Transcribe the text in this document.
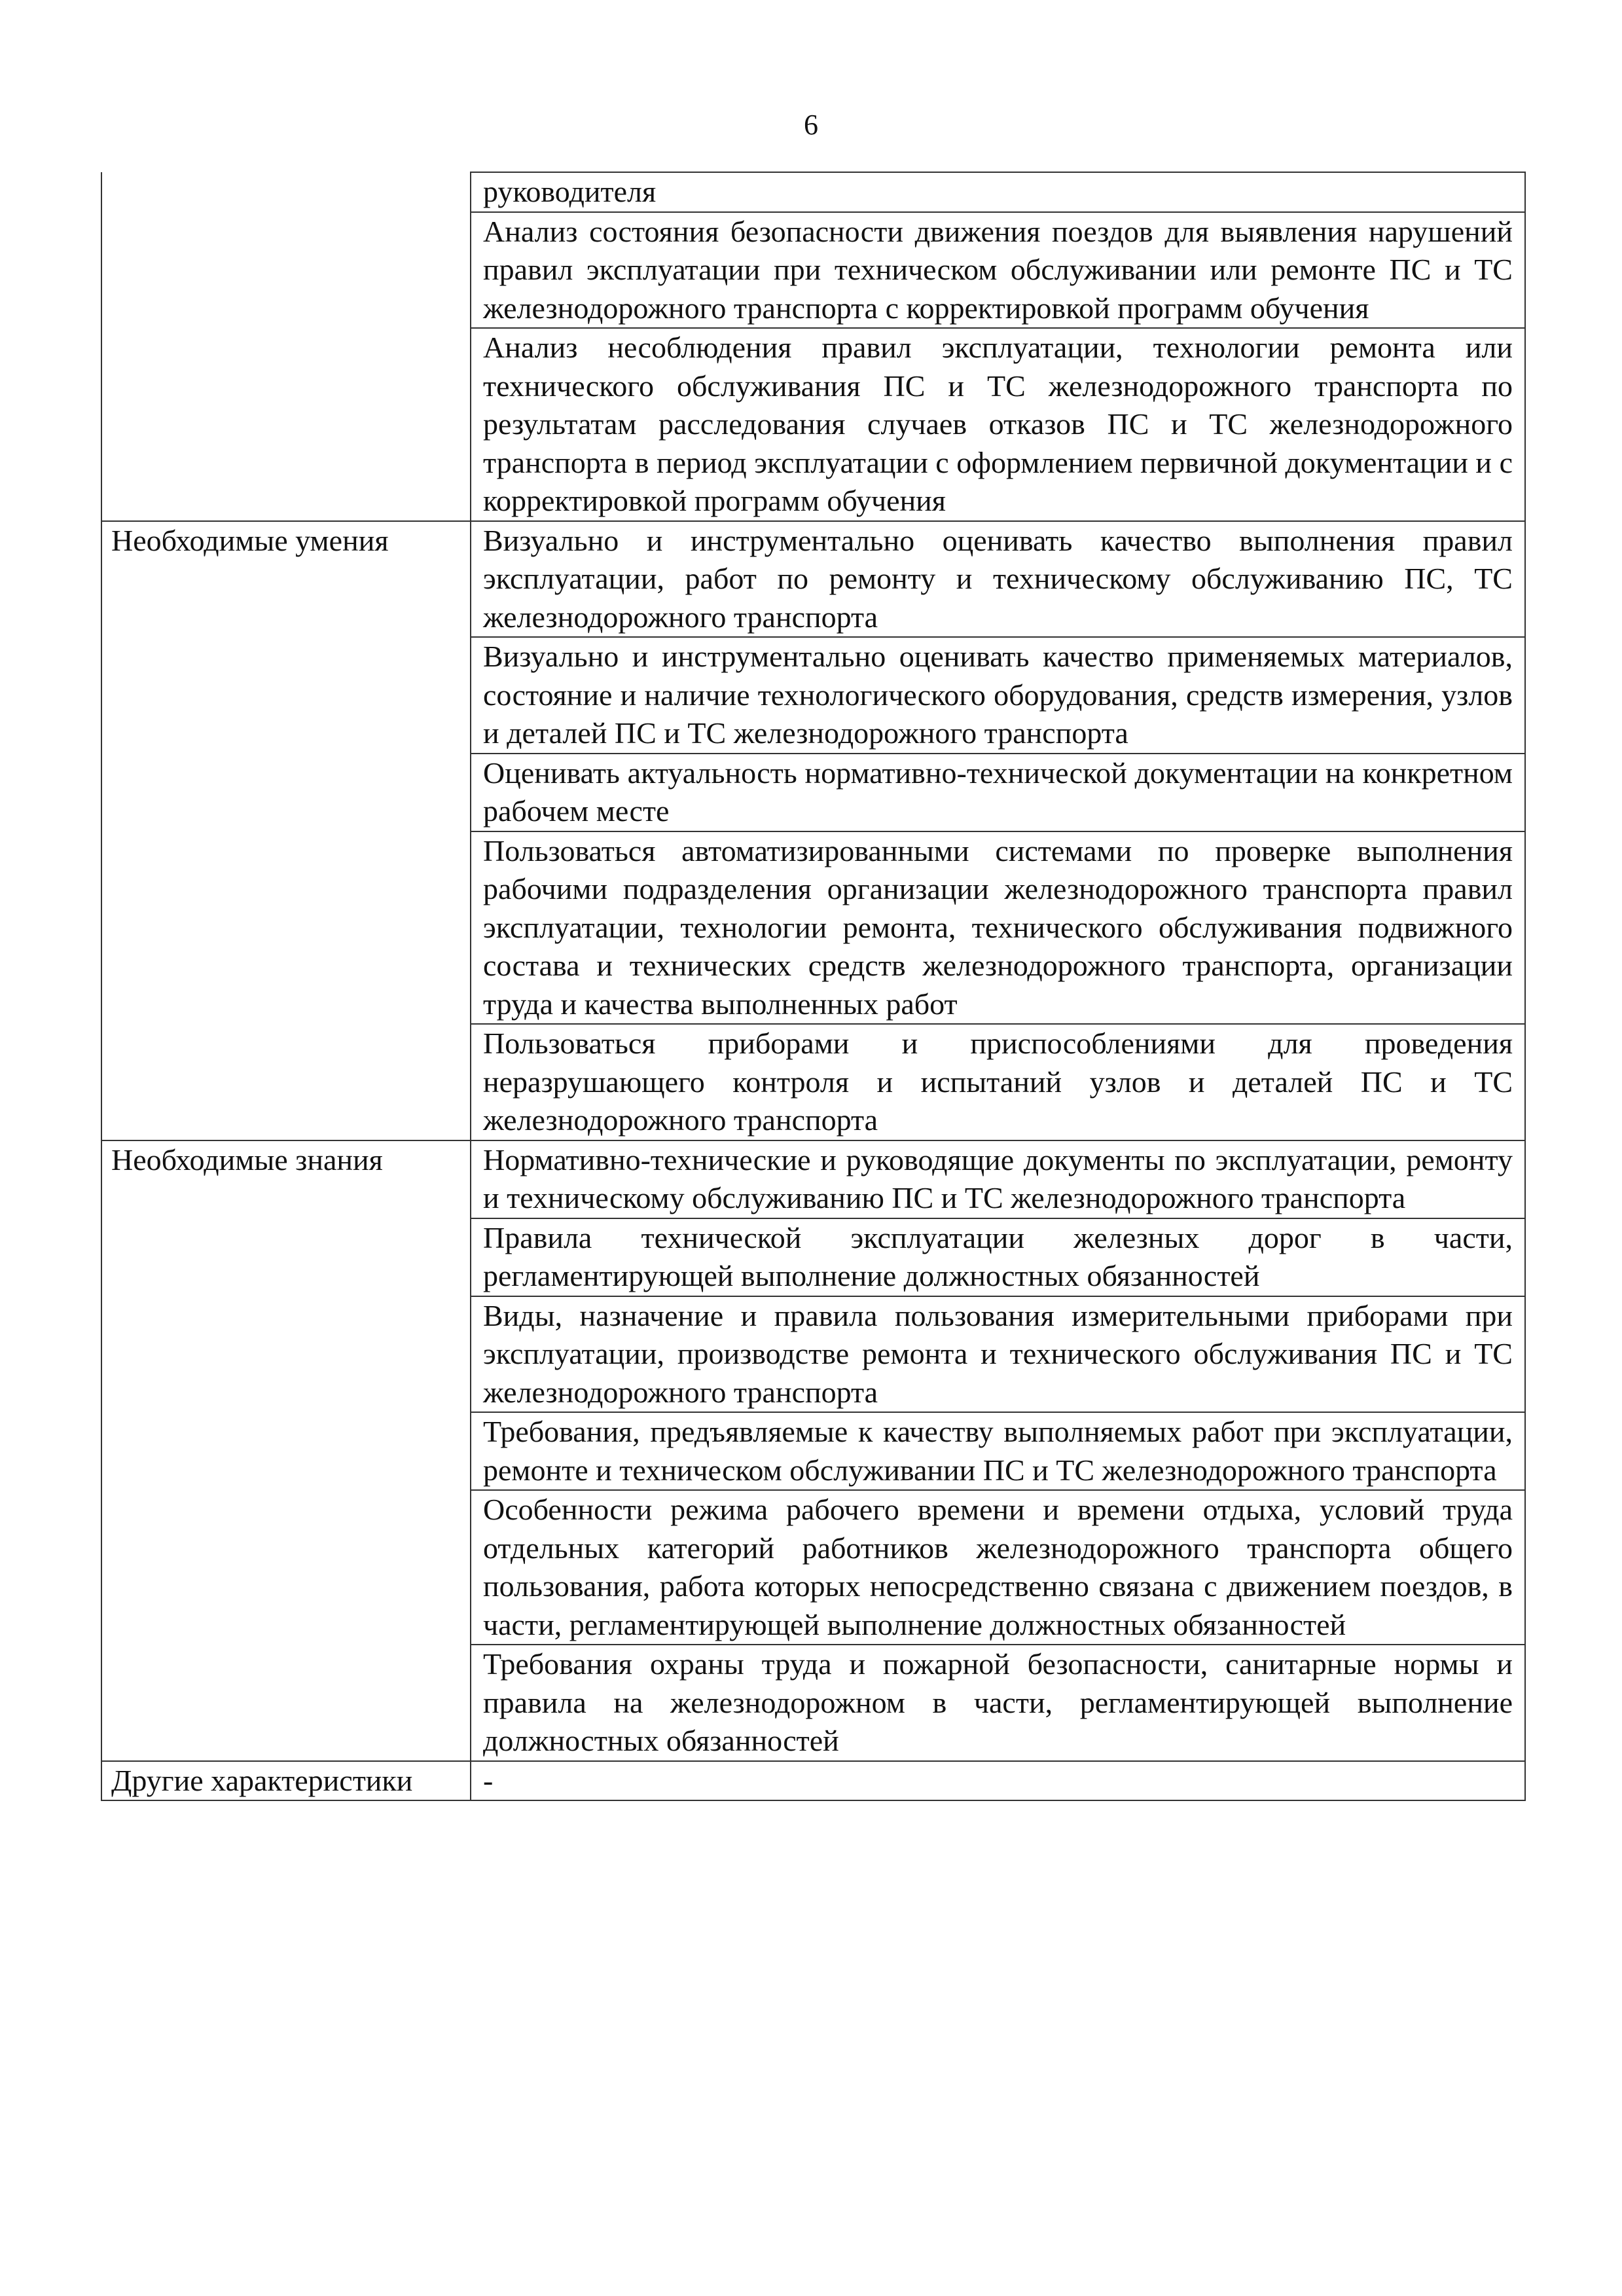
6
	руководителя
	Анализ состояния безопасности движения поездов для выявления нарушений правил эксплуатации при техническом обслуживании или ремонте ПС и ТС железнодорожного транспорта с корректировкой программ обучения
	Анализ несоблюдения правил эксплуатации, технологии ремонта или технического обслуживания ПС и ТС железнодорожного транспорта по результатам расследования случаев отказов ПС и ТС железнодорожного транспорта в период эксплуатации с оформлением первичной документации и с корректировкой программ обучения
Необходимые умения	Визуально и инструментально оценивать качество выполнения правил эксплуатации, работ по ремонту и техническому обслуживанию ПС, ТС железнодорожного транспорта
	Визуально и инструментально оценивать качество применяемых материалов, состояние и наличие технологического оборудования, средств измерения, узлов и деталей ПС и ТС железнодорожного транспорта
	Оценивать актуальность нормативно-технической документации на конкретном рабочем месте
	Пользоваться автоматизированными системами по проверке выполнения рабочими подразделения организации железнодорожного транспорта правил эксплуатации, технологии ремонта, технического обслуживания подвижного состава и технических средств железнодорожного транспорта, организации труда и качества выполненных работ
	Пользоваться приборами и приспособлениями для проведения неразрушающего контроля и испытаний узлов и деталей ПС и ТС железнодорожного транспорта
Необходимые знания	Нормативно-технические и руководящие документы по эксплуатации, ремонту и техническому обслуживанию ПС и ТС железнодорожного транспорта
	Правила технической эксплуатации железных дорог в части, регламентирующей выполнение должностных обязанностей
	Виды, назначение и правила пользования измерительными приборами при эксплуатации, производстве ремонта и технического обслуживания ПС и ТС железнодорожного транспорта
	Требования, предъявляемые к качеству выполняемых работ при эксплуатации, ремонте и техническом обслуживании ПС и ТС железнодорожного транспорта
	Особенности режима рабочего времени и времени отдыха, условий труда отдельных категорий работников железнодорожного транспорта общего пользования, работа которых непосредственно связана с движением поездов, в части, регламентирующей выполнение должностных обязанностей
	Требования охраны труда и пожарной безопасности, санитарные нормы и правила на железнодорожном в части, регламентирующей выполнение должностных обязанностей
Другие характеристики	-
